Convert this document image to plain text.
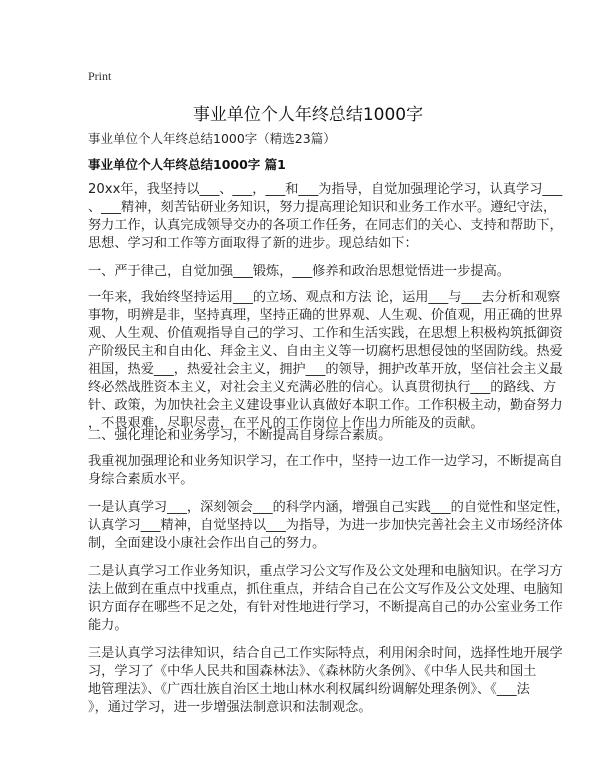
Print
事业单位个人年终总结1000字
事业单位个人年终总结1000字（精选23篇）
事业单位个人年终总结1000字 篇1
20xx年，我坚持以___、___，___和___为指导，自觉加强理论学习，认真学习___
、___精神，刻苦钻研业务知识，努力提高理论知识和业务工作水平。遵纪守法，
努力工作，认真完成领导交办的各项工作任务，在同志们的关心、支持和帮助下，
思想、学习和工作等方面取得了新的进步。现总结如下：
一、严于律己，自觉加强___锻炼，___修养和政治思想觉悟进一步提高。
一年来，我始终坚持运用___的立场、观点和方法 论，运用___与___去分析和观察
事物，明辨是非，坚持真理，坚持正确的世界观、人生观、价值观，用正确的世界
观、人生观、价值观指导自己的学习、工作和生活实践，在思想上积极构筑抵御资
产阶级民主和自由化、拜金主义、自由主义等一切腐朽思想侵蚀的坚固防线。热爱
祖国，热爱___，热爱社会主义，拥护___的领导，拥护改革开放，坚信社会主义最
终必然战胜资本主义，对社会主义充满必胜的信心。认真贯彻执行___的路线、方
针、政策，为加快社会主义建设事业认真做好本职工作。工作积极主动，勤奋努力
，不畏艰难，尽职尽责，在平凡的工作岗位上作出力所能及的贡献。
二、强化理论和业务学习，不断提高自身综合素质。
我重视加强理论和业务知识学习，在工作中，坚持一边工作一边学习，不断提高自
身综合素质水平。
一是认真学习___，深刻领会___的科学内涵，增强自己实践___的自觉性和坚定性，
认真学习___精神，自觉坚持以___为指导，为进一步加快完善社会主义市场经济体
制，全面建设小康社会作出自己的努力。
二是认真学习工作业务知识，重点学习公文写作及公文处理和电脑知识。在学习方
法上做到在重点中找重点，抓住重点，并结合自己在公文写作及公文处理、电脑知
识方面存在哪些不足之处，有针对性地进行学习，不断提高自己的办公室业务工作
能力。
三是认真学习法律知识，结合自己工作实际特点，利用闲余时间，选择性地开展学
习，学习了《中华人民共和国森林法》、《森林防火条例》、《中华人民共和国土
地管理法》、《广西壮族自治区土地山林水利权属纠纷调解处理条例》、《___法
》，通过学习，进一步增强法制意识和法制观念。
